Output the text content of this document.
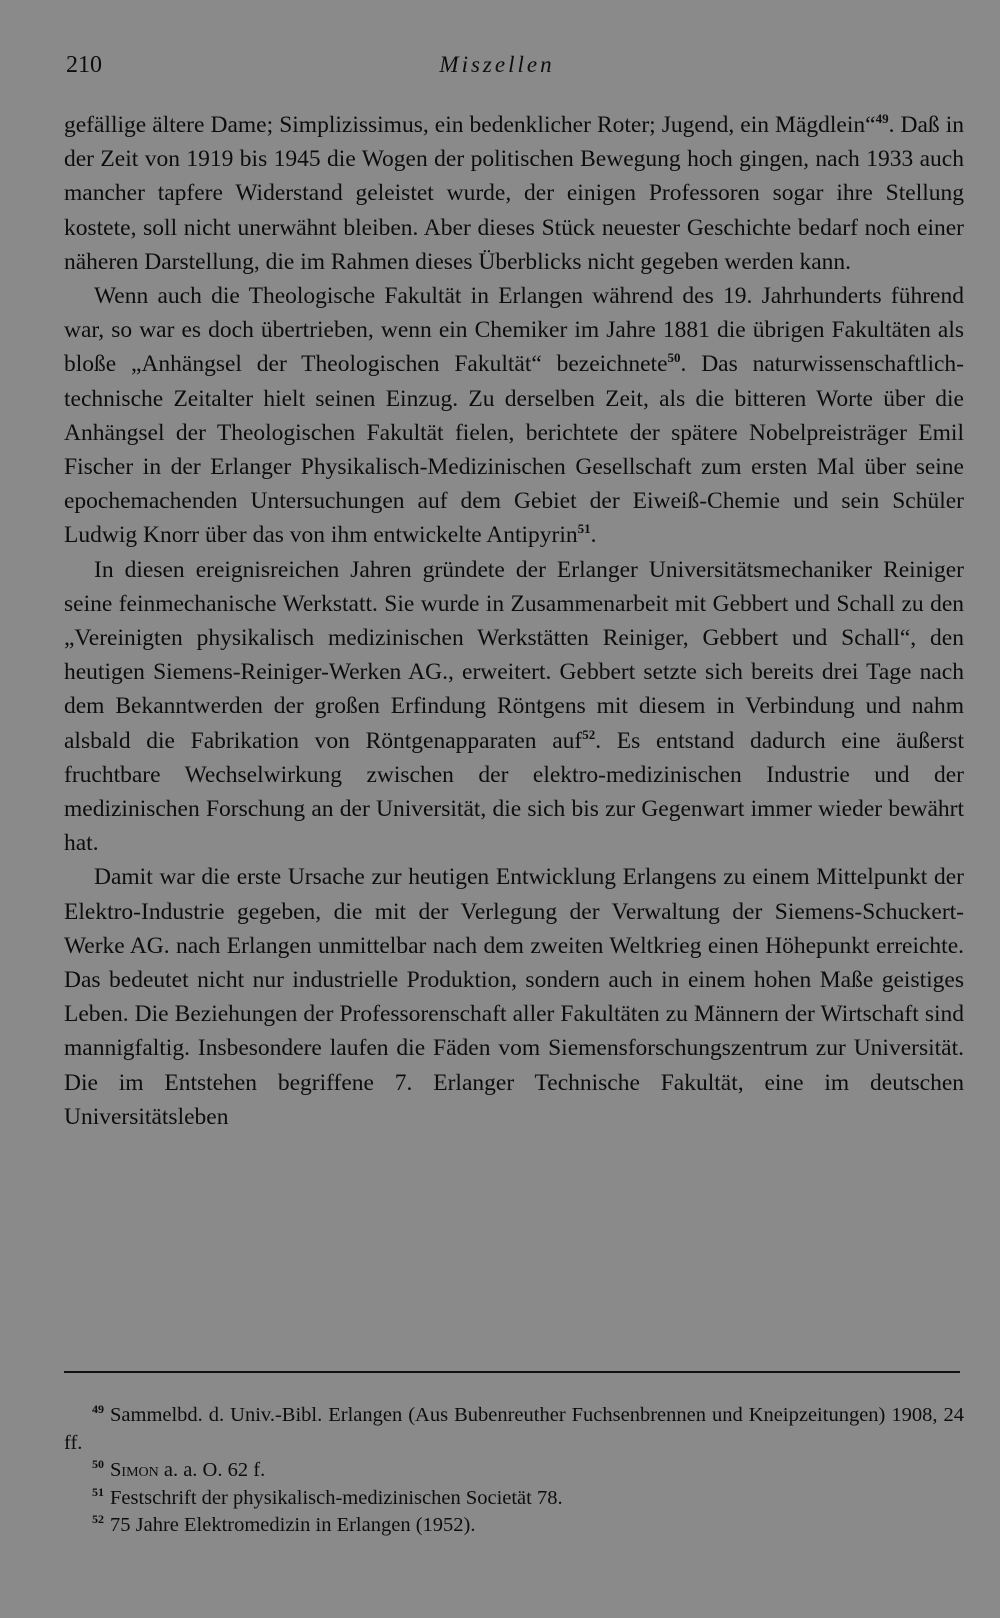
210	Miszellen

gefällige ältere Dame; Simplizissimus, ein bedenklicher Roter; Jugend, ein Mägdlein“$^{49}$. Daß in der Zeit von 1919 bis 1945 die Wogen der politischen Bewegung hoch gingen, nach 1933 auch mancher tapfere Widerstand geleistet wurde, der einigen Professoren sogar ihre Stellung kostete, soll nicht unerwähnt bleiben. Aber dieses Stück neuester Geschichte bedarf noch einer näheren Darstellung, die im Rahmen dieses Überblicks nicht gegeben werden kann.

Wenn auch die Theologische Fakultät in Erlangen während des 19. Jahrhunderts führend war, so war es doch übertrieben, wenn ein Chemiker im Jahre 1881 die übrigen Fakultäten als bloße „Anhängsel der Theologischen Fakultät“ bezeichnete$^{50}$. Das naturwissenschaftlich-technische Zeitalter hielt seinen Einzug. Zu derselben Zeit, als die bitteren Worte über die Anhängsel der Theologischen Fakultät fielen, berichtete der spätere Nobelpreisträger Emil Fischer in der Erlanger Physikalisch-Medizinischen Gesellschaft zum ersten Mal über seine epochemachenden Untersuchungen auf dem Gebiet der Eiweiß-Chemie und sein Schüler Ludwig Knorr über das von ihm entwickelte Antipyrin$^{51}$.

In diesen ereignisreichen Jahren gründete der Erlanger Universitätsmechaniker Reiniger seine feinmechanische Werkstatt. Sie wurde in Zusammenarbeit mit Gebbert und Schall zu den „Vereinigten physikalisch medizinischen Werkstätten Reiniger, Gebbert und Schall“, den heutigen Siemens-Reiniger-Werken AG., erweitert. Gebbert setzte sich bereits drei Tage nach dem Bekanntwerden der großen Erfindung Röntgens mit diesem in Verbindung und nahm alsbald die Fabrikation von Röntgenapparaten auf$^{52}$. Es entstand dadurch eine äußerst fruchtbare Wechselwirkung zwischen der elektro-medizinischen Industrie und der medizinischen Forschung an der Universität, die sich bis zur Gegenwart immer wieder bewährt hat.

Damit war die erste Ursache zur heutigen Entwicklung Erlangens zu einem Mittelpunkt der Elektro-Industrie gegeben, die mit der Verlegung der Verwaltung der Siemens-Schuckert-Werke AG. nach Erlangen unmittelbar nach dem zweiten Weltkrieg einen Höhepunkt erreichte. Das bedeutet nicht nur industrielle Produktion, sondern auch in einem hohen Maße geistiges Leben. Die Beziehungen der Professorenschaft aller Fakultäten zu Männern der Wirtschaft sind mannigfaltig. Insbesondere laufen die Fäden vom Siemensforschungszentrum zur Universität. Die im Entstehen begriffene 7. Erlanger Technische Fakultät, eine im deutschen Universitätsleben

$^{49}$ Sammelbd. d. Univ.-Bibl. Erlangen (Aus Bubenreuther Fuchsenbrennen und Kneipzeitungen) 1908, 24 ff.

$^{50}$ Simon a. a. O. 62 f.

$^{51}$ Festschrift der physikalisch-medizinischen Societät 78.

$^{52}$ 75 Jahre Elektromedizin in Erlangen (1952).
